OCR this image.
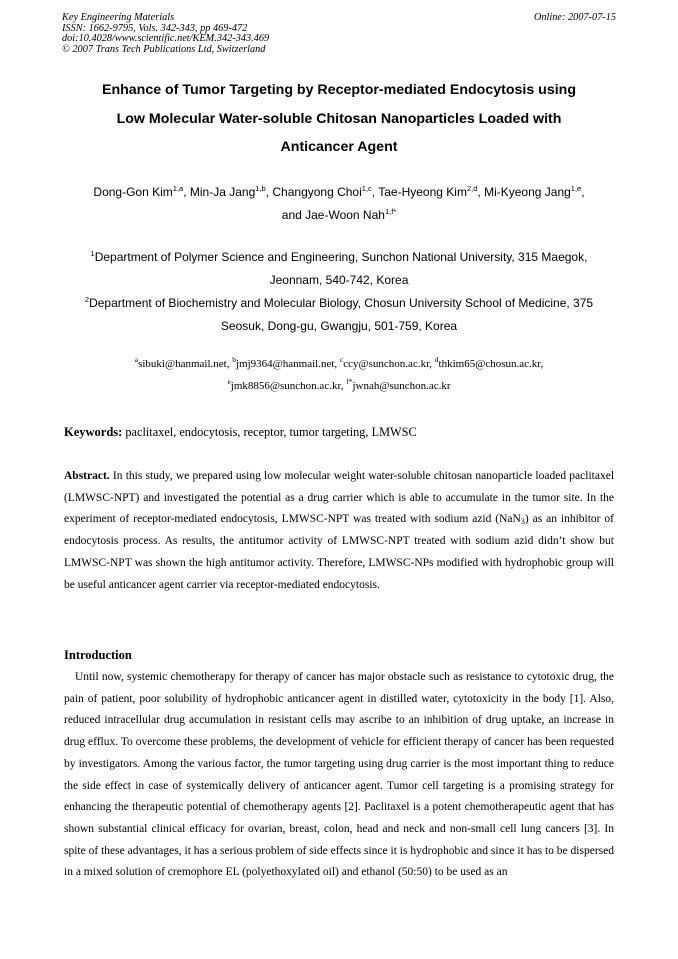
Key Engineering Materials
ISSN: 1662-9795, Vols. 342-343, pp 469-472
doi:10.4028/www.scientific.net/KEM.342-343.469
© 2007 Trans Tech Publications Ltd, Switzerland
Online: 2007-07-15
Enhance of Tumor Targeting by Receptor-mediated Endocytosis using
Low Molecular Water-soluble Chitosan Nanoparticles Loaded with
Anticancer Agent
Dong-Gon Kim$^{1,a}$, Min-Ja Jang$^{1,b}$, Changyong Choi$^{1,c}$, Tae-Hyeong Kim$^{2,d}$, Mi-Kyeong Jang$^{1,e}$,
and Jae-Woon Nah$^{1,f*}$

$^1$Department of Polymer Science and Engineering, Sunchon National University, 315 Maegok,
Jeonnam, 540-742, Korea

$^2$Department of Biochemistry and Molecular Biology, Chosun University School of Medicine, 375
Seosuk, Dong-gu, Gwangju, 501-759, Korea

$^a$sibuki@hanmail.net, $^b$jmj9364@hanmail.net, $^c$ccy@sunchon.ac.kr, $^d$thkim65@chosun.ac.kr,
$^e$jmk8856@sunchon.ac.kr, $^{f*}$jwnah@sunchon.ac.kr
Keywords: paclitaxel, endocytosis, receptor, tumor targeting, LMWSC
Abstract. In this study, we prepared using low molecular weight water-soluble chitosan nanoparticle loaded paclitaxel (LMWSC-NPT) and investigated the potential as a drug carrier which is able to accumulate in the tumor site. In the experiment of receptor-mediated endocytosis, LMWSC-NPT was treated with sodium azid (NaN$_3$) as an inhibitor of endocytosis process. As results, the antitumor activity of LMWSC-NPT treated with sodium azid didn’t show but LMWSC-NPT was shown the high antitumor activity. Therefore, LMWSC-NPs modified with hydrophobic group will be useful anticancer agent carrier via receptor-mediated endocytosis.
Introduction
Until now, systemic chemotherapy for therapy of cancer has major obstacle such as resistance to cytotoxic drug, the pain of patient, poor solubility of hydrophobic anticancer agent in distilled water, cytotoxicity in the body [1]. Also, reduced intracellular drug accumulation in resistant cells may ascribe to an inhibition of drug uptake, an increase in drug efflux. To overcome these problems, the development of vehicle for efficient therapy of cancer has been requested by investigators. Among the various factor, the tumor targeting using drug carrier is the most important thing to reduce the side effect in case of systemically delivery of anticancer agent. Tumor cell targeting is a promising strategy for enhancing the therapeutic potential of chemotherapy agents [2]. Paclitaxel is a potent chemotherapeutic agent that has shown substantial clinical efficacy for ovarian, breast, colon, head and neck and non-small cell lung cancers [3]. In spite of these advantages, it has a serious problem of side effects since it is hydrophobic and since it has to be dispersed in a mixed solution of cremophore EL (polyethoxylated oil) and ethanol (50:50) to be used as an
